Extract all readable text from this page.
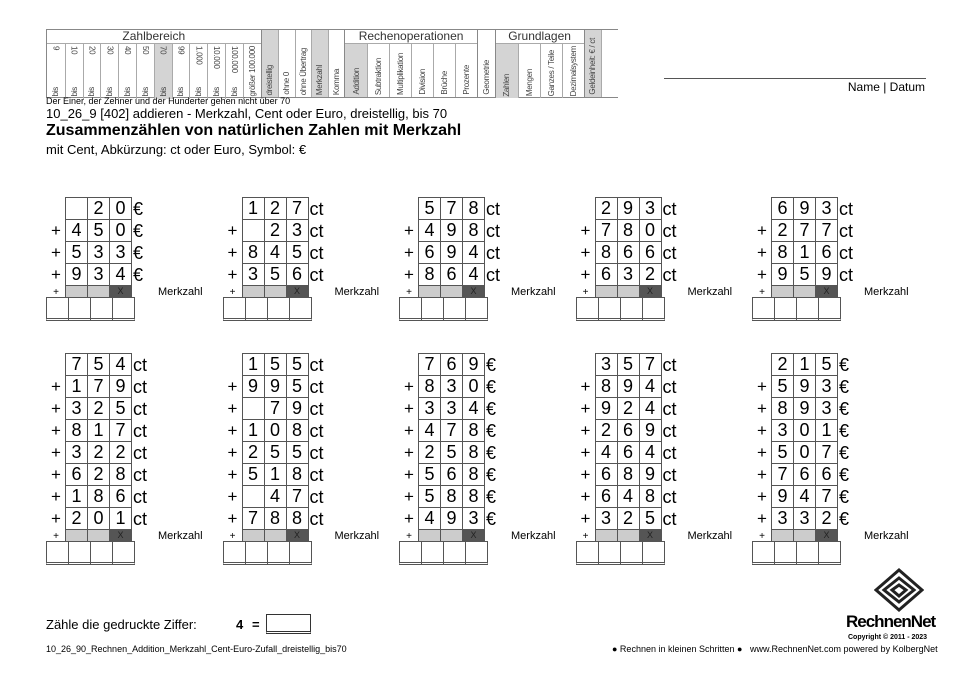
Zahlbereich
9
bis
10
bis
20
bis
30
bis
40
bis
50
bis
70
bis
99
bis
1.000
bis
10.000
bis
100.000
bis größer 100.000 dreistellig ohne 0 ohne Übertrag Merkzahl Komma
Rechenoperationen
Addition Subtraktion Multiplikation Division Brüche Prozente Geometrie
Grundlagen
Zahlen Mengen Ganzes / Teile Dezimalsystem Geldeinheit: € / ct	Name | Datum
Der Einer, der Zehner und der Hunderter gehen nicht über 70
10_26_9 [402] addieren - Merkzahl, Cent oder Euro, dreistellig, bis 70
Zusammenzählen von natürlichen Zahlen mit Merkzahl
mit Cent, Abkürzung: ct oder Euro, Symbol: €
2 0 €
+ 4 5 0 €
+ 5 3 3 €
+ 9 3 4 €
+	X	Merkzahl
1 2 7 ct
+	2 3 ct
+ 8 4 5 ct
+ 3 5 6 ct
+	X	Merkzahl
5 7 8 ct
+ 4 9 8 ct
+ 6 9 4 ct
+ 8 6 4 ct
+	X	Merkzahl
2 9 3 ct
+ 7 8 0 ct
+ 8 6 6 ct
+ 6 3 2 ct
+	X	Merkzahl
6 9 3 ct
+ 2 7 7 ct
+ 8 1 6 ct
+ 9 5 9 ct
+	X	Merkzahl
7 5 4 ct
+ 1 7 9 ct
+ 3 2 5 ct
+ 8 1 7 ct
+ 3 2 2 ct
+ 6 2 8 ct
+ 1 8 6 ct
+ 2 0 1 ct
+	X	Merkzahl
1 5 5 ct
+ 9 9 5 ct
+	7 9 ct
+ 1 0 8 ct
+ 2 5 5 ct
+ 5 1 8 ct
+	4 7 ct
+ 7 8 8 ct
+	X	Merkzahl
7 6 9 €
+ 8 3 0 €
+ 3 3 4 €
+ 4 7 8 €
+ 2 5 8 €
+ 5 6 8 €
+ 5 8 8 €
+ 4 9 3 €
+	X	Merkzahl
3 5 7 ct
+ 8 9 4 ct
+ 9 2 4 ct
+ 2 6 9 ct
+ 4 6 4 ct
+ 6 8 9 ct
+ 6 4 8 ct
+ 3 2 5 ct
+	X	Merkzahl
2 1 5 €
+ 5 9 3 €
+ 8 9 3 €
+ 3 0 1 €
+ 5 0 7 €
+ 7 6 6 €
+ 9 4 7 €
+ 3 3 2 €
+	X	Merkzahl
Zähle die gedruckte Ziffer:	4 =
10_26_90_Rechnen_Addition_Merkzahl_Cent-Euro-Zufall_dreistellig_bis70	● Rechnen in kleinen Schritten ● www.RechnenNet.com powered by KolbergNet
RechnenNet
Copyright © 2011 - 2023
